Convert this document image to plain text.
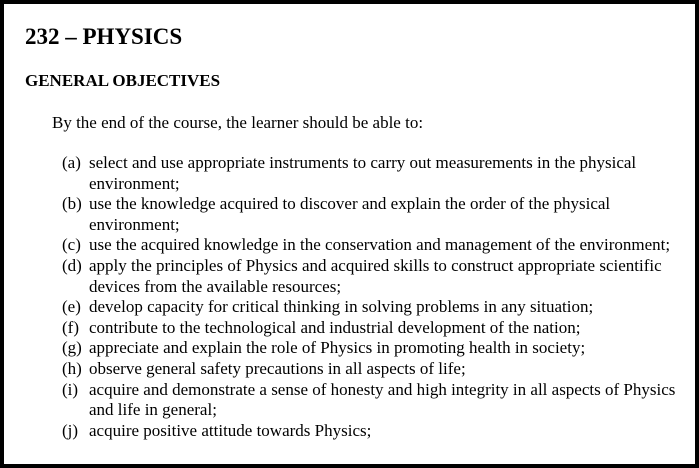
232 – PHYSICS
GENERAL OBJECTIVES

By the end of the course, the learner should be able to:

(a) select and use appropriate instruments to carry out measurements in the physical environment;
(b) use the knowledge acquired to discover and explain the order of the physical environment;
(c) use the acquired knowledge in the conservation and management of the environment;
(d) apply the principles of Physics and acquired skills to construct appropriate scientific devices from the available resources;
(e) develop capacity for critical thinking in solving problems in any situation;
(f) contribute to the technological and industrial development of the nation;
(g) appreciate and explain the role of Physics in promoting health in society;
(h) observe general safety precautions in all aspects of life;
(i) acquire and demonstrate a sense of honesty and high integrity in all aspects of Physics and life in general;
(j) acquire positive attitude towards Physics;
